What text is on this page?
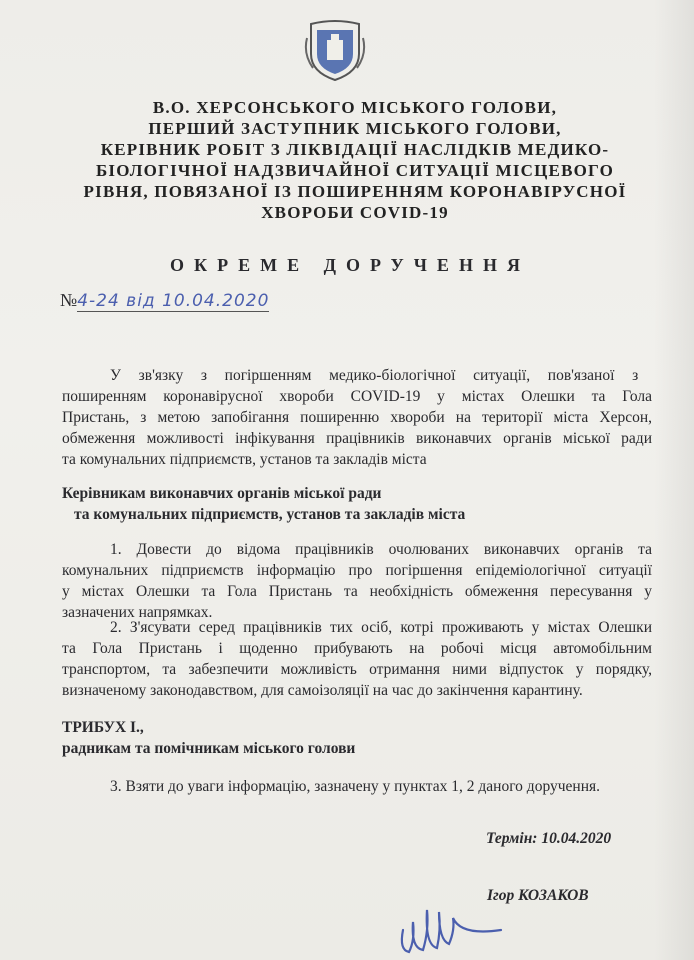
В.О. ХЕРСОНСЬКОГО МІСЬКОГО ГОЛОВИ,
ПЕРШИЙ ЗАСТУПНИК МІСЬКОГО ГОЛОВИ,
КЕРІВНИК РОБІТ З ЛІКВІДАЦІЇ НАСЛІДКІВ МЕДИКО-
БІОЛОГІЧНОЇ НАДЗВИЧАЙНОЇ СИТУАЦІЇ МІСЦЕВОГО
РІВНЯ, ПОВЯЗАНОЇ ІЗ ПОШИРЕННЯМ КОРОНАВІРУСНОЇ
ХВОРОБИ COVID-19
ОКРЕМЕ ДОРУЧЕННЯ
№4-24 від 10.04.2020
У зв'язку з погіршенням медико-біологічної ситуації, пов'язаної з
поширенням коронавірусної хвороби COVID-19 у містах Олешки та Гола
Пристань, з метою запобігання поширенню хвороби на території міста Херсон,
обмеження можливості інфікування працівників виконавчих органів міської ради
та комунальних підприємств, установ та закладів міста
Керівникам виконавчих органів міської ради
та комунальних підприємств, установ та закладів міста
1. Довести до відома працівників очолюваних виконавчих органів та
комунальних підприємств інформацію про погіршення епідеміологічної ситуації
у містах Олешки та Гола Пристань та необхідність обмеження пересування у
зазначених напрямках.
2. З'ясувати серед працівників тих осіб, котрі проживають у містах Олешки
та Гола Пристань і щоденно прибувають на робочі місця автомобільним
транспортом, та забезпечити можливість отримання ними відпусток у порядку,
визначеному законодавством, для самоізоляції на час до закінчення карантину.
ТРИБУХ І.,
радникам та помічникам міського голови
3. Взяти до уваги інформацію, зазначену у пунктах 1, 2 даного доручення.
Термін: 10.04.2020
Ігор КОЗАКОВ
